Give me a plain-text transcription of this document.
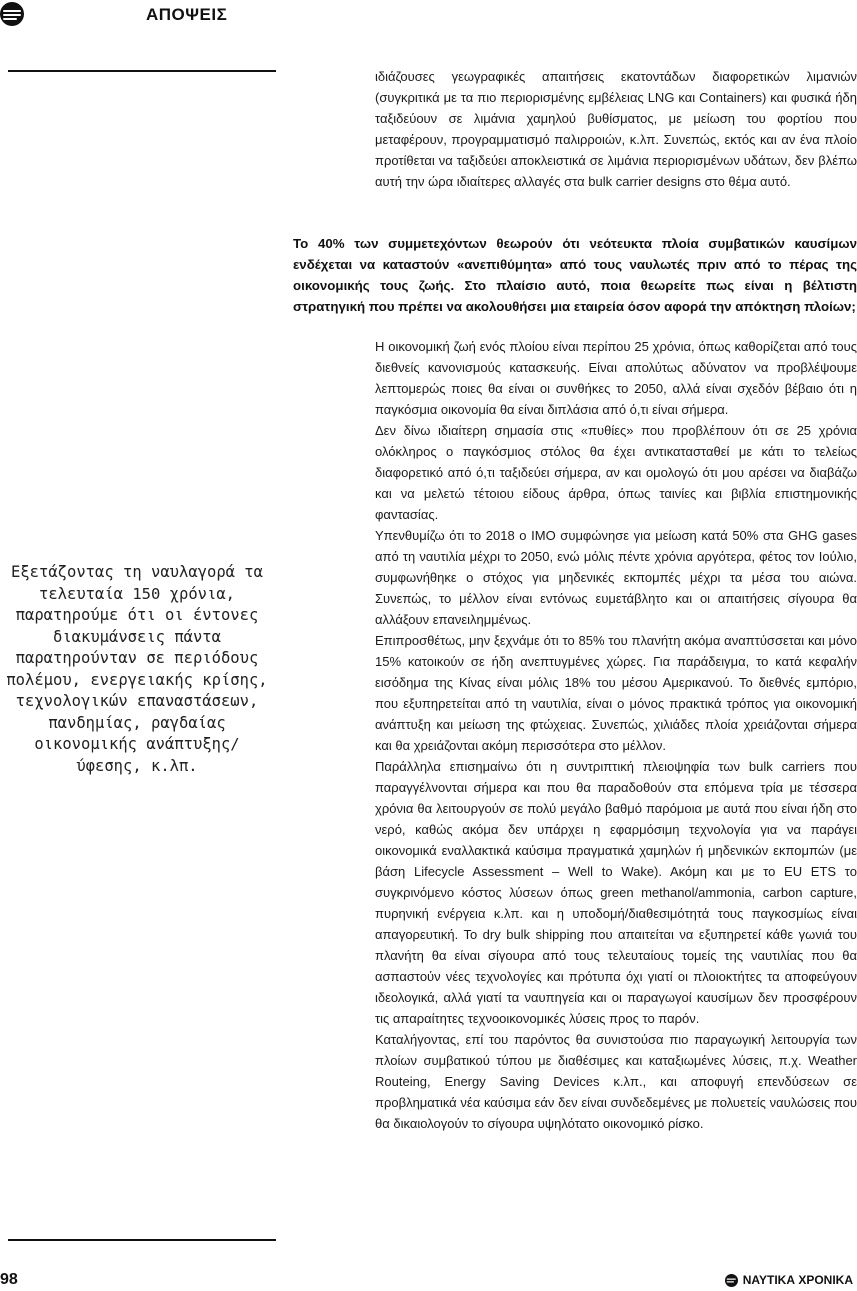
ΑΠΟΨΕΙΣ
ιδιάζουσες γεωγραφικές απαιτήσεις εκατοντάδων διαφορετικών λιμανιών (συγκριτικά με τα πιο περιορισμένης εμβέλειας LNG και Containers) και φυσικά ήδη ταξιδεύουν σε λιμάνια χαμηλού βυθίσματος, με μείωση του φορτίου που μεταφέρουν, προγραμματισμό παλιρροιών, κ.λπ. Συνεπώς, εκτός και αν ένα πλοίο προτίθεται να ταξιδεύει αποκλειστικά σε λιμάνια περιορισμένων υδάτων, δεν βλέπω αυτή την ώρα ιδιαίτερες αλλαγές στα bulk carrier designs στο θέμα αυτό.
Το 40% των συμμετεχόντων θεωρούν ότι νεότευκτα πλοία συμβατικών καυσίμων ενδέχεται να καταστούν «ανεπιθύμητα» από τους ναυλωτές πριν από το πέρας της οικονομικής τους ζωής. Στο πλαίσιο αυτό, ποια θεωρείτε πως είναι η βέλτιστη στρατηγική που πρέπει να ακολουθήσει μια εταιρεία όσον αφορά την απόκτηση πλοίων;

Η οικονομική ζωή ενός πλοίου είναι περίπου 25 χρόνια, όπως καθορίζεται από τους διεθνείς κανονισμούς κατασκευής. Είναι απολύτως αδύνατον να προβλέψουμε λεπτομερώς ποιες θα είναι οι συνθήκες το 2050, αλλά είναι σχεδόν βέβαιο ότι η παγκόσμια οικονομία θα είναι διπλάσια από ό,τι είναι σήμερα.

Δεν δίνω ιδιαίτερη σημασία στις «πυθίες» που προβλέπουν ότι σε 25 χρόνια ολόκληρος ο παγκόσμιος στόλος θα έχει αντικατασταθεί με κάτι το τελείως διαφορετικό από ό,τι ταξιδεύει σήμερα, αν και ομολογώ ότι μου αρέσει να διαβάζω και να μελετώ τέτοιου είδους άρθρα, όπως ταινίες και βιβλία επιστημονικής φαντασίας.

Υπενθυμίζω ότι το 2018 ο IMO συμφώνησε για μείωση κατά 50% στα GHG gases από τη ναυτιλία μέχρι το 2050, ενώ μόλις πέντε χρόνια αργότερα, φέτος τον Ιούλιο, συμφωνήθηκε ο στόχος για μηδενικές εκπομπές μέχρι τα μέσα του αιώνα. Συνεπώς, το μέλλον είναι εντόνως ευμετάβλητο και οι απαιτήσεις σίγουρα θα αλλάξουν επανειλημμένως.

Επιπροσθέτως, μην ξεχνάμε ότι το 85% του πλανήτη ακόμα αναπτύσσεται και μόνο 15% κατοικούν σε ήδη ανεπτυγμένες χώρες. Για παράδειγμα, το κατά κεφαλήν εισόδημα της Κίνας είναι μόλις 18% του μέσου Αμερικανού. Το διεθνές εμπόριο, που εξυπηρετείται από τη ναυτιλία, είναι ο μόνος πρακτικά τρόπος για οικονομική ανάπτυξη και μείωση της φτώχειας. Συνεπώς, χιλιάδες πλοία χρειάζονται σήμερα και θα χρειάζονται ακόμη περισσότερα στο μέλλον.

Παράλληλα επισημαίνω ότι η συντριπτική πλειοψηφία των bulk carriers που παραγγέλνονται σήμερα και που θα παραδοθούν στα επόμενα τρία με τέσσερα χρόνια θα λειτουργούν σε πολύ μεγάλο βαθμό παρόμοια με αυτά που είναι ήδη στο νερό, καθώς ακόμα δεν υπάρχει η εφαρμόσιμη τεχνολογία για να παράγει οικονομικά εναλλακτικά καύσιμα πραγματικά χαμηλών ή μηδενικών εκπομπών (με βάση Lifecycle Assessment – Well to Wake). Ακόμη και με το EU ETS το συγκρινόμενο κόστος λύσεων όπως green methanol/ammonia, carbon capture, πυρηνική ενέργεια κ.λπ. και η υποδομή/διαθεσιμότητά τους παγκοσμίως είναι απαγορευτική. Το dry bulk shipping που απαιτείται να εξυπηρετεί κάθε γωνιά του πλανήτη θα είναι σίγουρα από τους τελευταίους τομείς της ναυτιλίας που θα ασπαστούν νέες τεχνολογίες και πρότυπα όχι γιατί οι πλοιοκτήτες τα αποφεύγουν ιδεολογικά, αλλά γιατί τα ναυπηγεία και οι παραγωγοί καυσίμων δεν προσφέρουν τις απαραίτητες τεχνοοικονομικές λύσεις προς το παρόν.

Καταλήγοντας, επί του παρόντος θα συνιστούσα πιο παραγωγική λειτουργία των πλοίων συμβατικού τύπου με διαθέσιμες και καταξιωμένες λύσεις, π.χ. Weather Routeing, Energy Saving Devices κ.λπ., και αποφυγή επενδύσεων σε προβληματικά νέα καύσιμα εάν δεν είναι συνδεδεμένες με πολυετείς ναυλώσεις που θα δικαιολογούν το σίγουρα υψηλότατο οικονομικό ρίσκο.

Εξετάζοντας τη ναυλαγορά τα τελευταία 150 χρόνια, παρατηρούμε ότι οι έντονες διακυμάνσεις πάντα παρατηρούνταν σε περιόδους πολέμου, ενεργειακής κρίσης, τεχνολογικών επαναστάσεων, πανδημίας, ραγδαίας οικονομικής ανάπτυξης/ύφεσης, κ.λπ.
98	ΝΑΥΤΙΚΑ ΧΡΟΝΙΚΑ
